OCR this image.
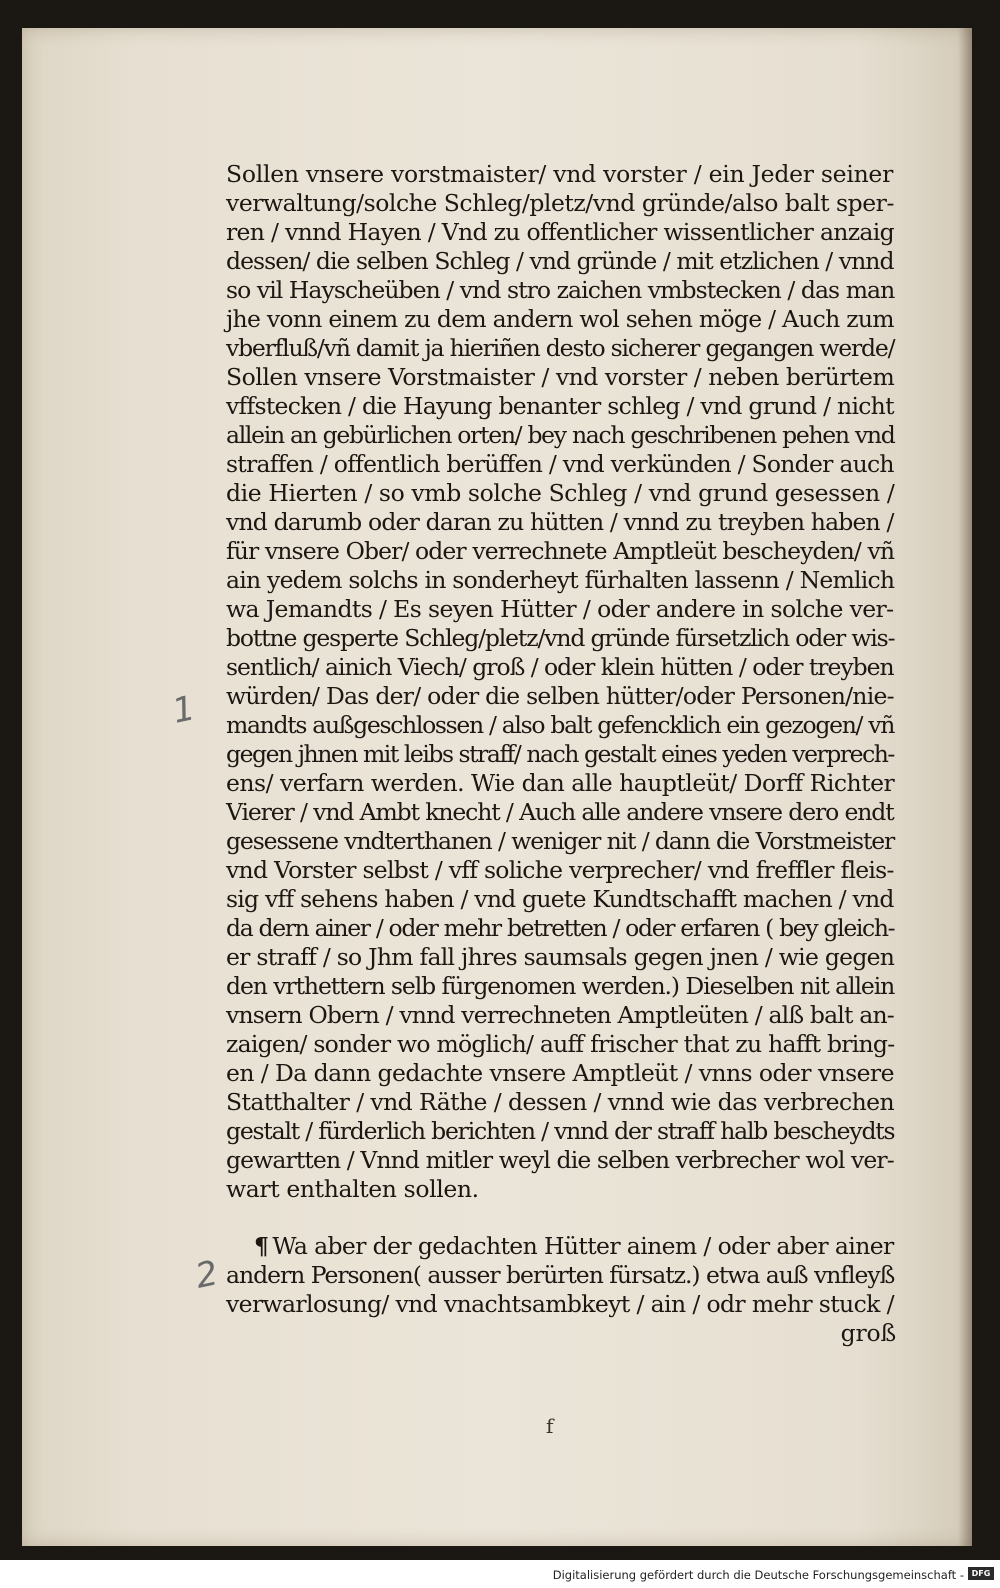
Sollen vnsere vorstmaister/ vnd vorster / ein Jeder seiner
verwaltung/solche Schleg/pletz/vnd gründe/also balt sper-
ren / vnnd Hayen / Vnd zu offentlicher wissentlicher anzaig
dessen/ die selben Schleg / vnd gründe / mit etzlichen / vnnd
so vil Hayscheüben / vnd stro zaichen vmbstecken / das man
jhe vonn einem zu dem andern wol sehen möge / Auch zum
vberfluß/vñ damit ja hieriñen desto sicherer gegangen werde/
Sollen vnsere Vorstmaister / vnd vorster / neben berürtem
vffstecken / die Hayung benanter schleg / vnd grund / nicht
allein an gebürlichen orten/ bey nach geschribenen pehen vnd
straffen / offentlich berüffen / vnd verkünden / Sonder auch
die Hierten / so vmb solche Schleg / vnd grund gesessen /
vnd darumb oder daran zu hütten / vnnd zu treyben haben /
für vnsere Ober/ oder verrechnete Amptleüt bescheyden/ vñ
ain yedem solchs in sonderheyt fürhalten lassenn / Nemlich
wa Jemandts / Es seyen Hütter / oder andere in solche ver-
bottne gesperte Schleg/pletz/vnd gründe fürsetzlich oder wis-
sentlich/ ainich Viech/ groß / oder klein hütten / oder treyben
würden/ Das der/ oder die selben hütter/oder Personen/nie-
mandts außgeschlossen / also balt gefencklich ein gezogen/ vñ
gegen jhnen mit leibs straff/ nach gestalt eines yeden verprech-
ens/ verfarn werden. Wie dan alle hauptleüt/ Dorff Richter
Vierer / vnd Ambt knecht / Auch alle andere vnsere dero endt
gesessene vndterthanen / weniger nit / dann die Vorstmeister
vnd Vorster selbst / vff soliche verprecher/ vnd freffler fleis-
sig vff sehens haben / vnd guete Kundtschafft machen / vnd
da dern ainer / oder mehr betretten / oder erfaren ( bey gleich-
er straff / so Jhm fall jhres saumsals gegen jnen / wie gegen
den vrthettern selb fürgenomen werden.) Dieselben nit allein
vnsern Obern / vnnd verrechneten Amptleüten / alß balt an-
zaigen/ sonder wo möglich/ auff frischer that zu hafft bring-
en / Da dann gedachte vnsere Amptleüt / vnns oder vnsere
Statthalter / vnd Räthe / dessen / vnnd wie das verbrechen
gestalt / fürderlich berichten / vnnd der straff halb bescheydts
gewartten / Vnnd mitler weyl die selben verbrecher wol ver-
wart enthalten sollen.
¶ Wa aber der gedachten Hütter ainem / oder aber ainer
andern Personen( ausser berürten fürsatz.) etwa auß vnfleyß
verwarlosung/ vnd vnachtsambkeyt / ain / odr mehr stuck /
groß
1
2
f
Digitalisierung gefördert durch die Deutsche Forschungsgemeinschaft - DFG
